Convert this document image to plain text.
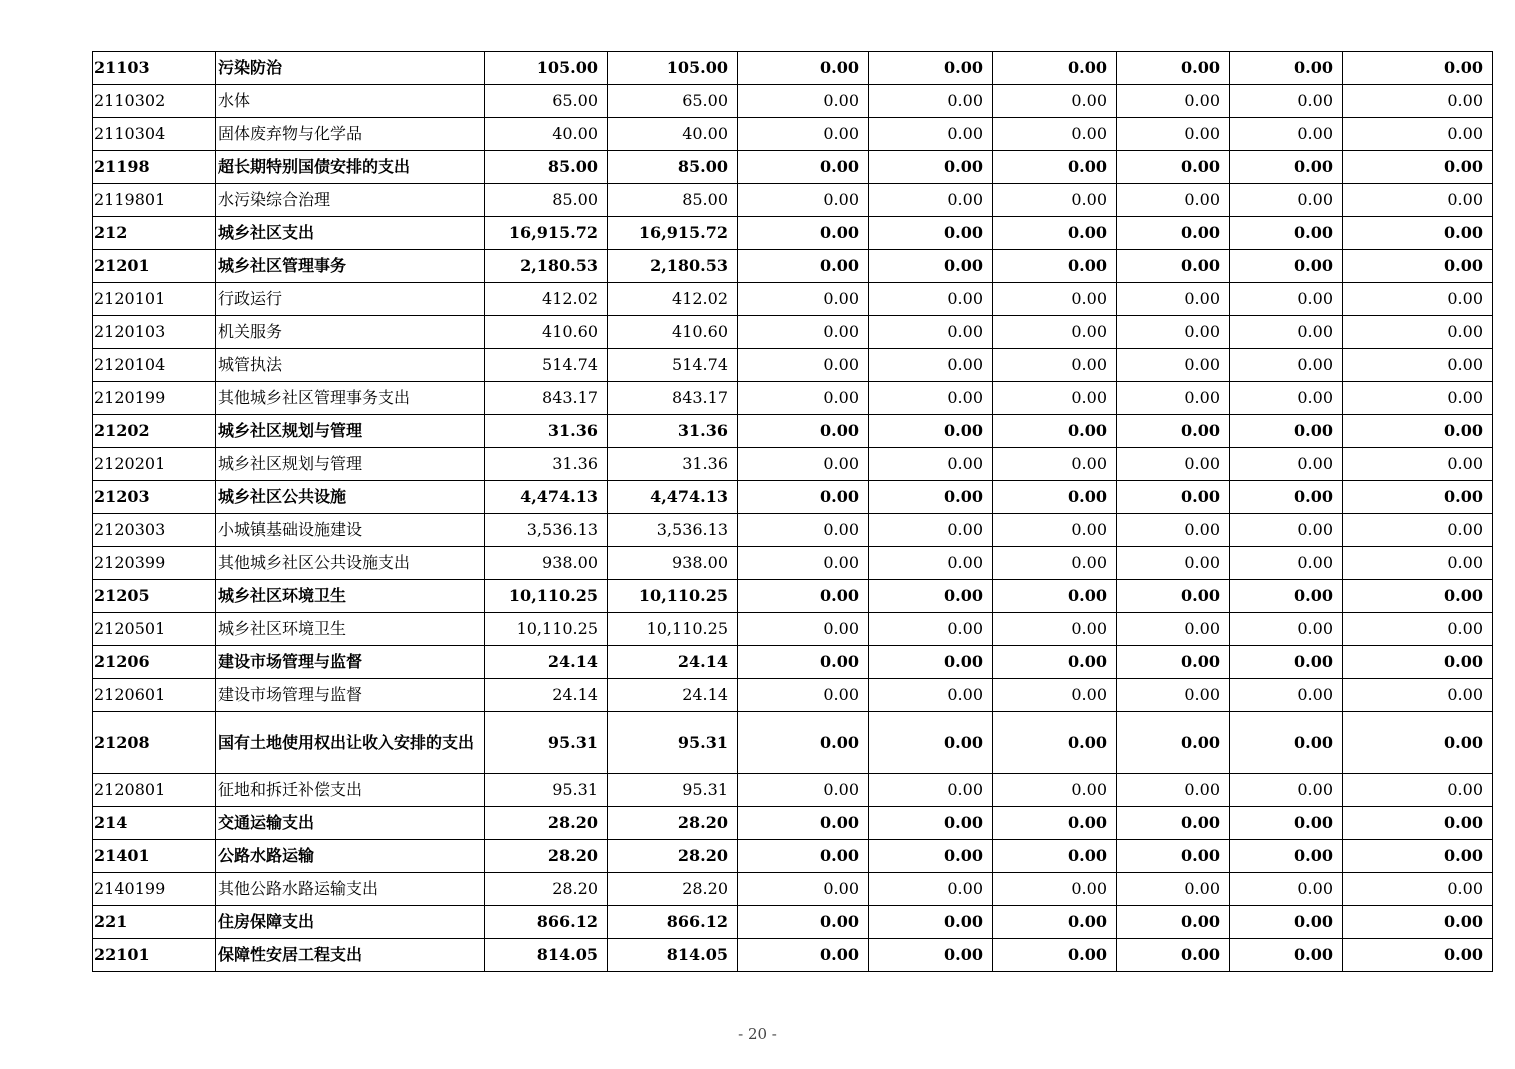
21103	污染防治	105.00	105.00	0.00	0.00	0.00	0.00	0.00	0.00
2110302	水体	65.00	65.00	0.00	0.00	0.00	0.00	0.00	0.00
2110304	固体废弃物与化学品	40.00	40.00	0.00	0.00	0.00	0.00	0.00	0.00
21198	超长期特别国债安排的支出	85.00	85.00	0.00	0.00	0.00	0.00	0.00	0.00
2119801	水污染综合治理	85.00	85.00	0.00	0.00	0.00	0.00	0.00	0.00
212	城乡社区支出	16,915.72	16,915.72	0.00	0.00	0.00	0.00	0.00	0.00
21201	城乡社区管理事务	2,180.53	2,180.53	0.00	0.00	0.00	0.00	0.00	0.00
2120101	行政运行	412.02	412.02	0.00	0.00	0.00	0.00	0.00	0.00
2120103	机关服务	410.60	410.60	0.00	0.00	0.00	0.00	0.00	0.00
2120104	城管执法	514.74	514.74	0.00	0.00	0.00	0.00	0.00	0.00
2120199	其他城乡社区管理事务支出	843.17	843.17	0.00	0.00	0.00	0.00	0.00	0.00
21202	城乡社区规划与管理	31.36	31.36	0.00	0.00	0.00	0.00	0.00	0.00
2120201	城乡社区规划与管理	31.36	31.36	0.00	0.00	0.00	0.00	0.00	0.00
21203	城乡社区公共设施	4,474.13	4,474.13	0.00	0.00	0.00	0.00	0.00	0.00
2120303	小城镇基础设施建设	3,536.13	3,536.13	0.00	0.00	0.00	0.00	0.00	0.00
2120399	其他城乡社区公共设施支出	938.00	938.00	0.00	0.00	0.00	0.00	0.00	0.00
21205	城乡社区环境卫生	10,110.25	10,110.25	0.00	0.00	0.00	0.00	0.00	0.00
2120501	城乡社区环境卫生	10,110.25	10,110.25	0.00	0.00	0.00	0.00	0.00	0.00
21206	建设市场管理与监督	24.14	24.14	0.00	0.00	0.00	0.00	0.00	0.00
2120601	建设市场管理与监督	24.14	24.14	0.00	0.00	0.00	0.00	0.00	0.00
21208	国有土地使用权出让收入安排的支出	95.31	95.31	0.00	0.00	0.00	0.00	0.00	0.00
2120801	征地和拆迁补偿支出	95.31	95.31	0.00	0.00	0.00	0.00	0.00	0.00
214	交通运输支出	28.20	28.20	0.00	0.00	0.00	0.00	0.00	0.00
21401	公路水路运输	28.20	28.20	0.00	0.00	0.00	0.00	0.00	0.00
2140199	其他公路水路运输支出	28.20	28.20	0.00	0.00	0.00	0.00	0.00	0.00
221	住房保障支出	866.12	866.12	0.00	0.00	0.00	0.00	0.00	0.00
22101	保障性安居工程支出	814.05	814.05	0.00	0.00	0.00	0.00	0.00	0.00
- 20 -
